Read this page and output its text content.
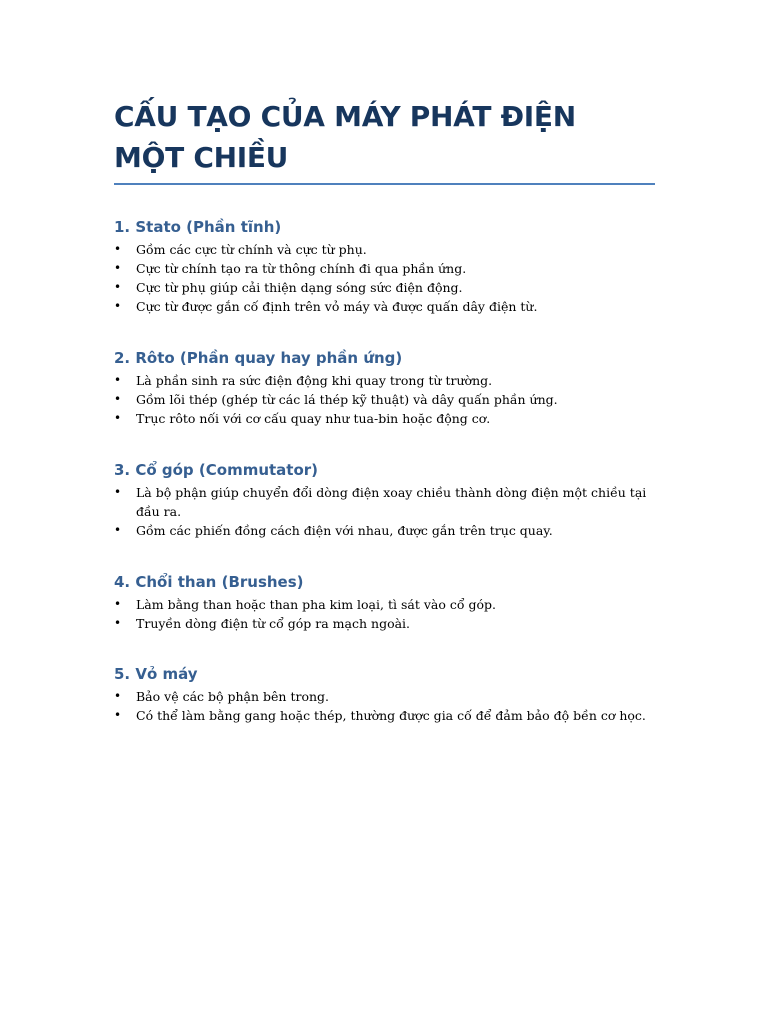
CẤU TẠO CỦA MÁY PHÁT ĐIỆN MỘT CHIỀU
1. Stato (Phần tĩnh)
• Gồm các cực từ chính và cực từ phụ.
• Cực từ chính tạo ra từ thông chính đi qua phần ứng.
• Cực từ phụ giúp cải thiện dạng sóng sức điện động.
• Cực từ được gắn cố định trên vỏ máy và được quấn dây điện từ.
2. Rôto (Phần quay hay phần ứng)
• Là phần sinh ra sức điện động khi quay trong từ trường.
• Gồm lõi thép (ghép từ các lá thép kỹ thuật) và dây quấn phần ứng.
• Trục rôto nối với cơ cấu quay như tua-bin hoặc động cơ.
3. Cổ góp (Commutator)
• Là bộ phận giúp chuyển đổi dòng điện xoay chiều thành dòng điện một chiều tại đầu ra.
• Gồm các phiến đồng cách điện với nhau, được gắn trên trục quay.
4. Chổi than (Brushes)
• Làm bằng than hoặc than pha kim loại, tì sát vào cổ góp.
• Truyền dòng điện từ cổ góp ra mạch ngoài.
5. Vỏ máy
• Bảo vệ các bộ phận bên trong.
• Có thể làm bằng gang hoặc thép, thường được gia cố để đảm bảo độ bền cơ học.
